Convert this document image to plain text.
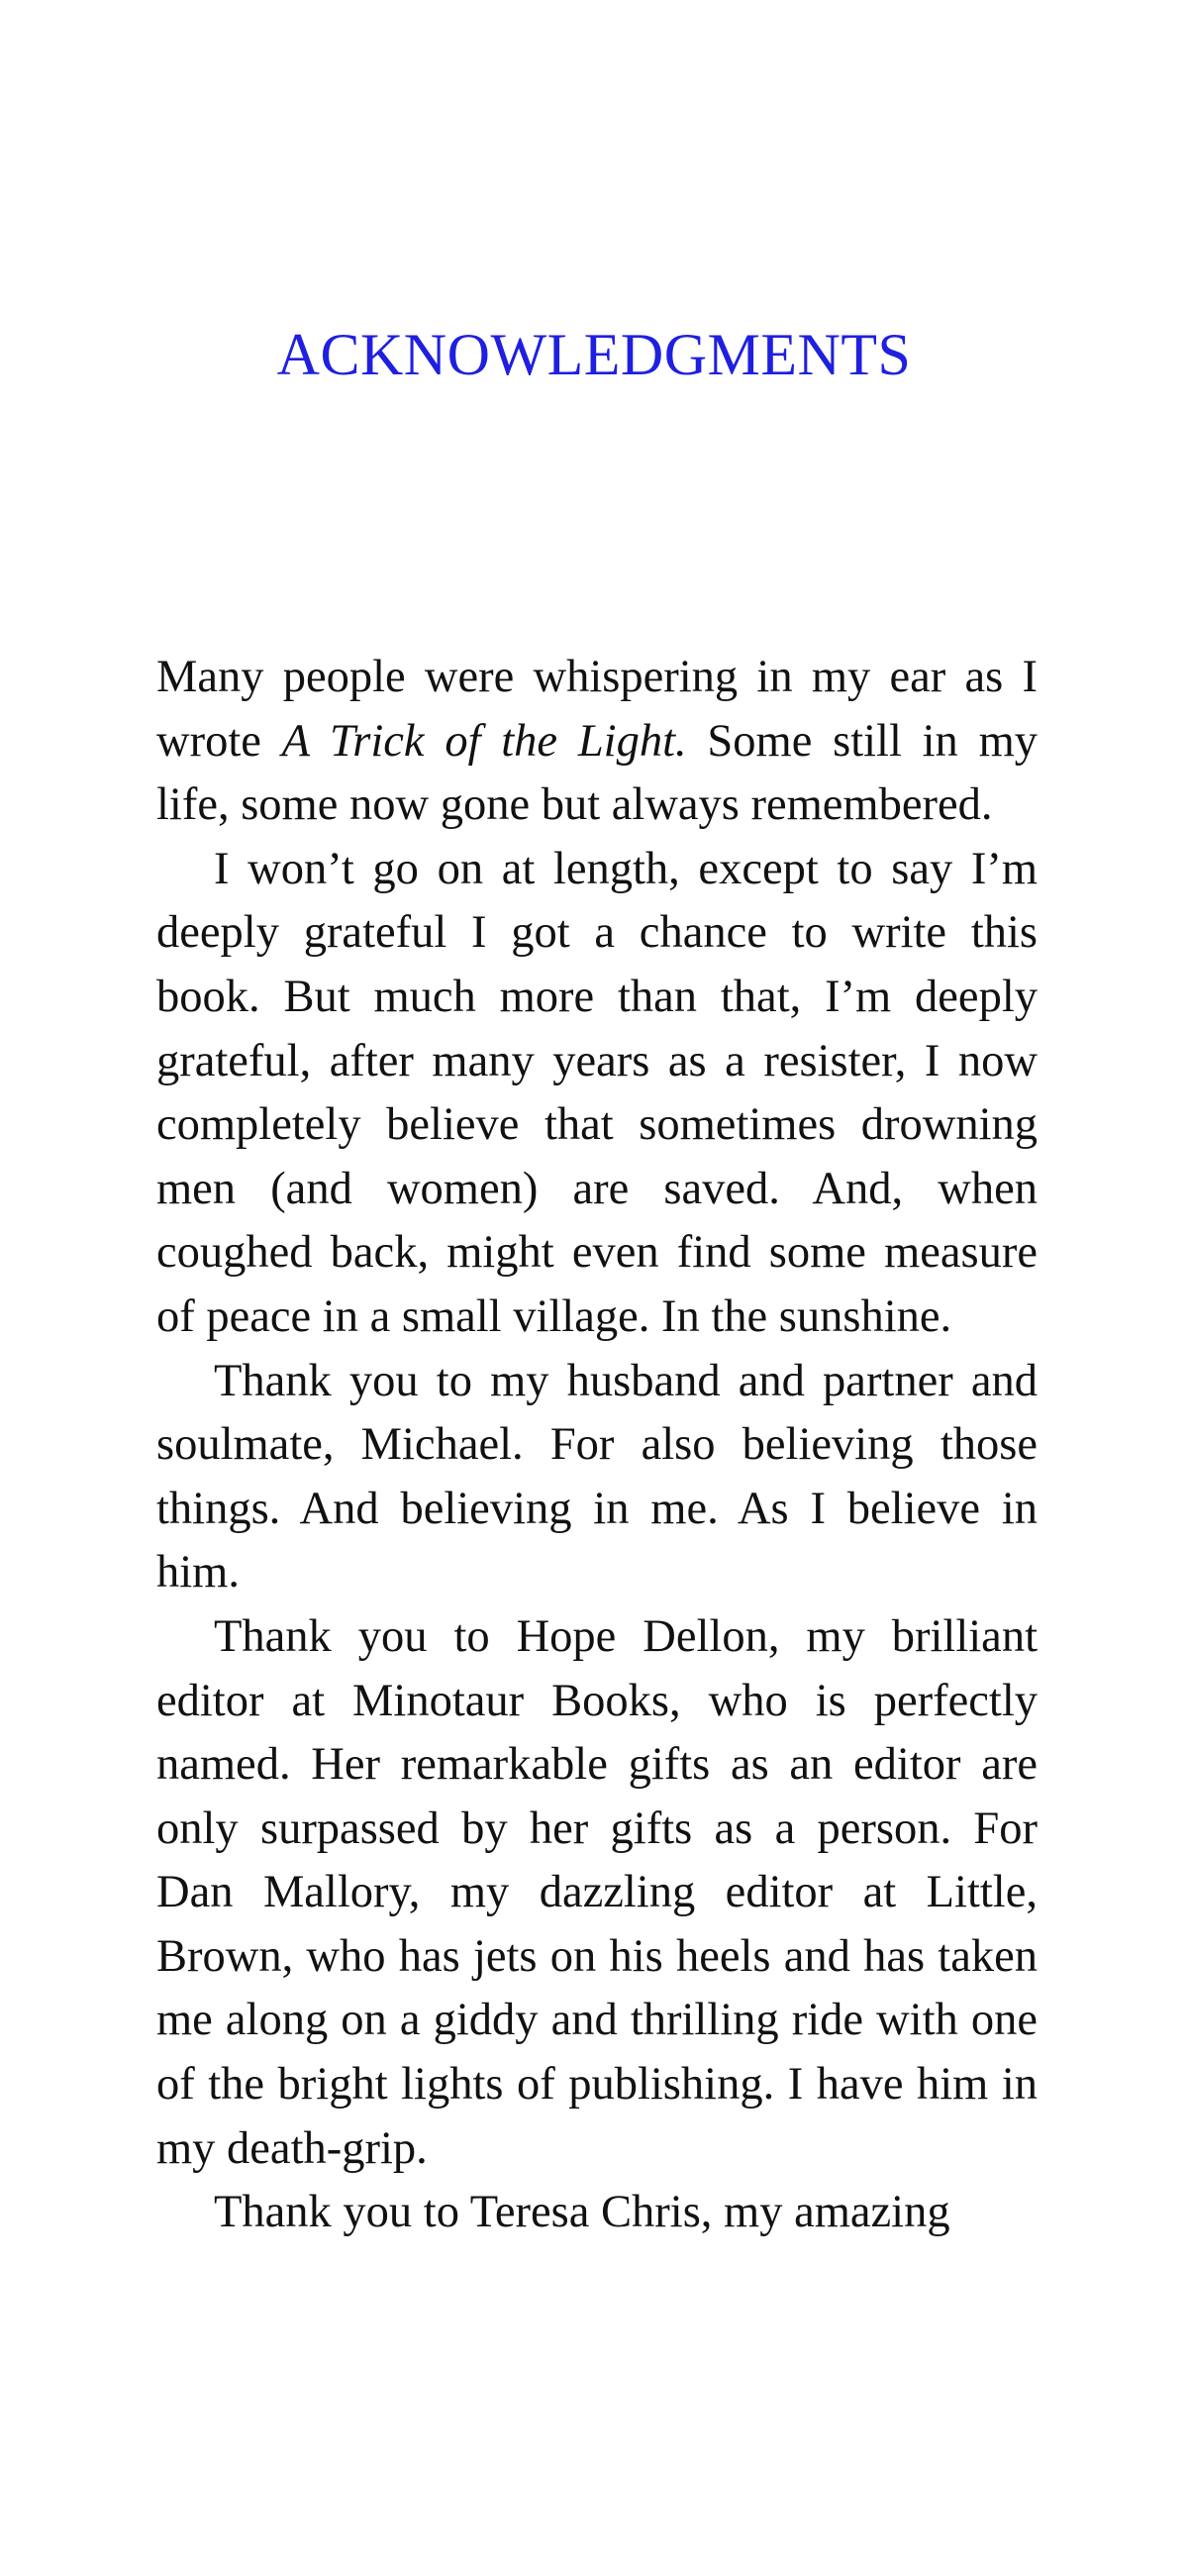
ACKNOWLEDGMENTS

Many people were whispering in my ear as I wrote A Trick of the Light. Some still in my life, some now gone but always remembered.

I won’t go on at length, except to say I’m deeply grateful I got a chance to write this book. But much more than that, I’m deeply grateful, after many years as a resister, I now completely believe that sometimes drowning men (and women) are saved. And, when coughed back, might even find some measure of peace in a small village. In the sunshine.

Thank you to my husband and partner and soulmate, Michael. For also believing those things. And believing in me. As I believe in him.

Thank you to Hope Dellon, my brilliant editor at Minotaur Books, who is perfectly named. Her remarkable gifts as an editor are only surpassed by her gifts as a person. For Dan Mallory, my dazzling editor at Little, Brown, who has jets on his heels and has taken me along on a giddy and thrilling ride with one of the bright lights of publishing. I have him in my death-grip.

Thank you to Teresa Chris, my amazing
